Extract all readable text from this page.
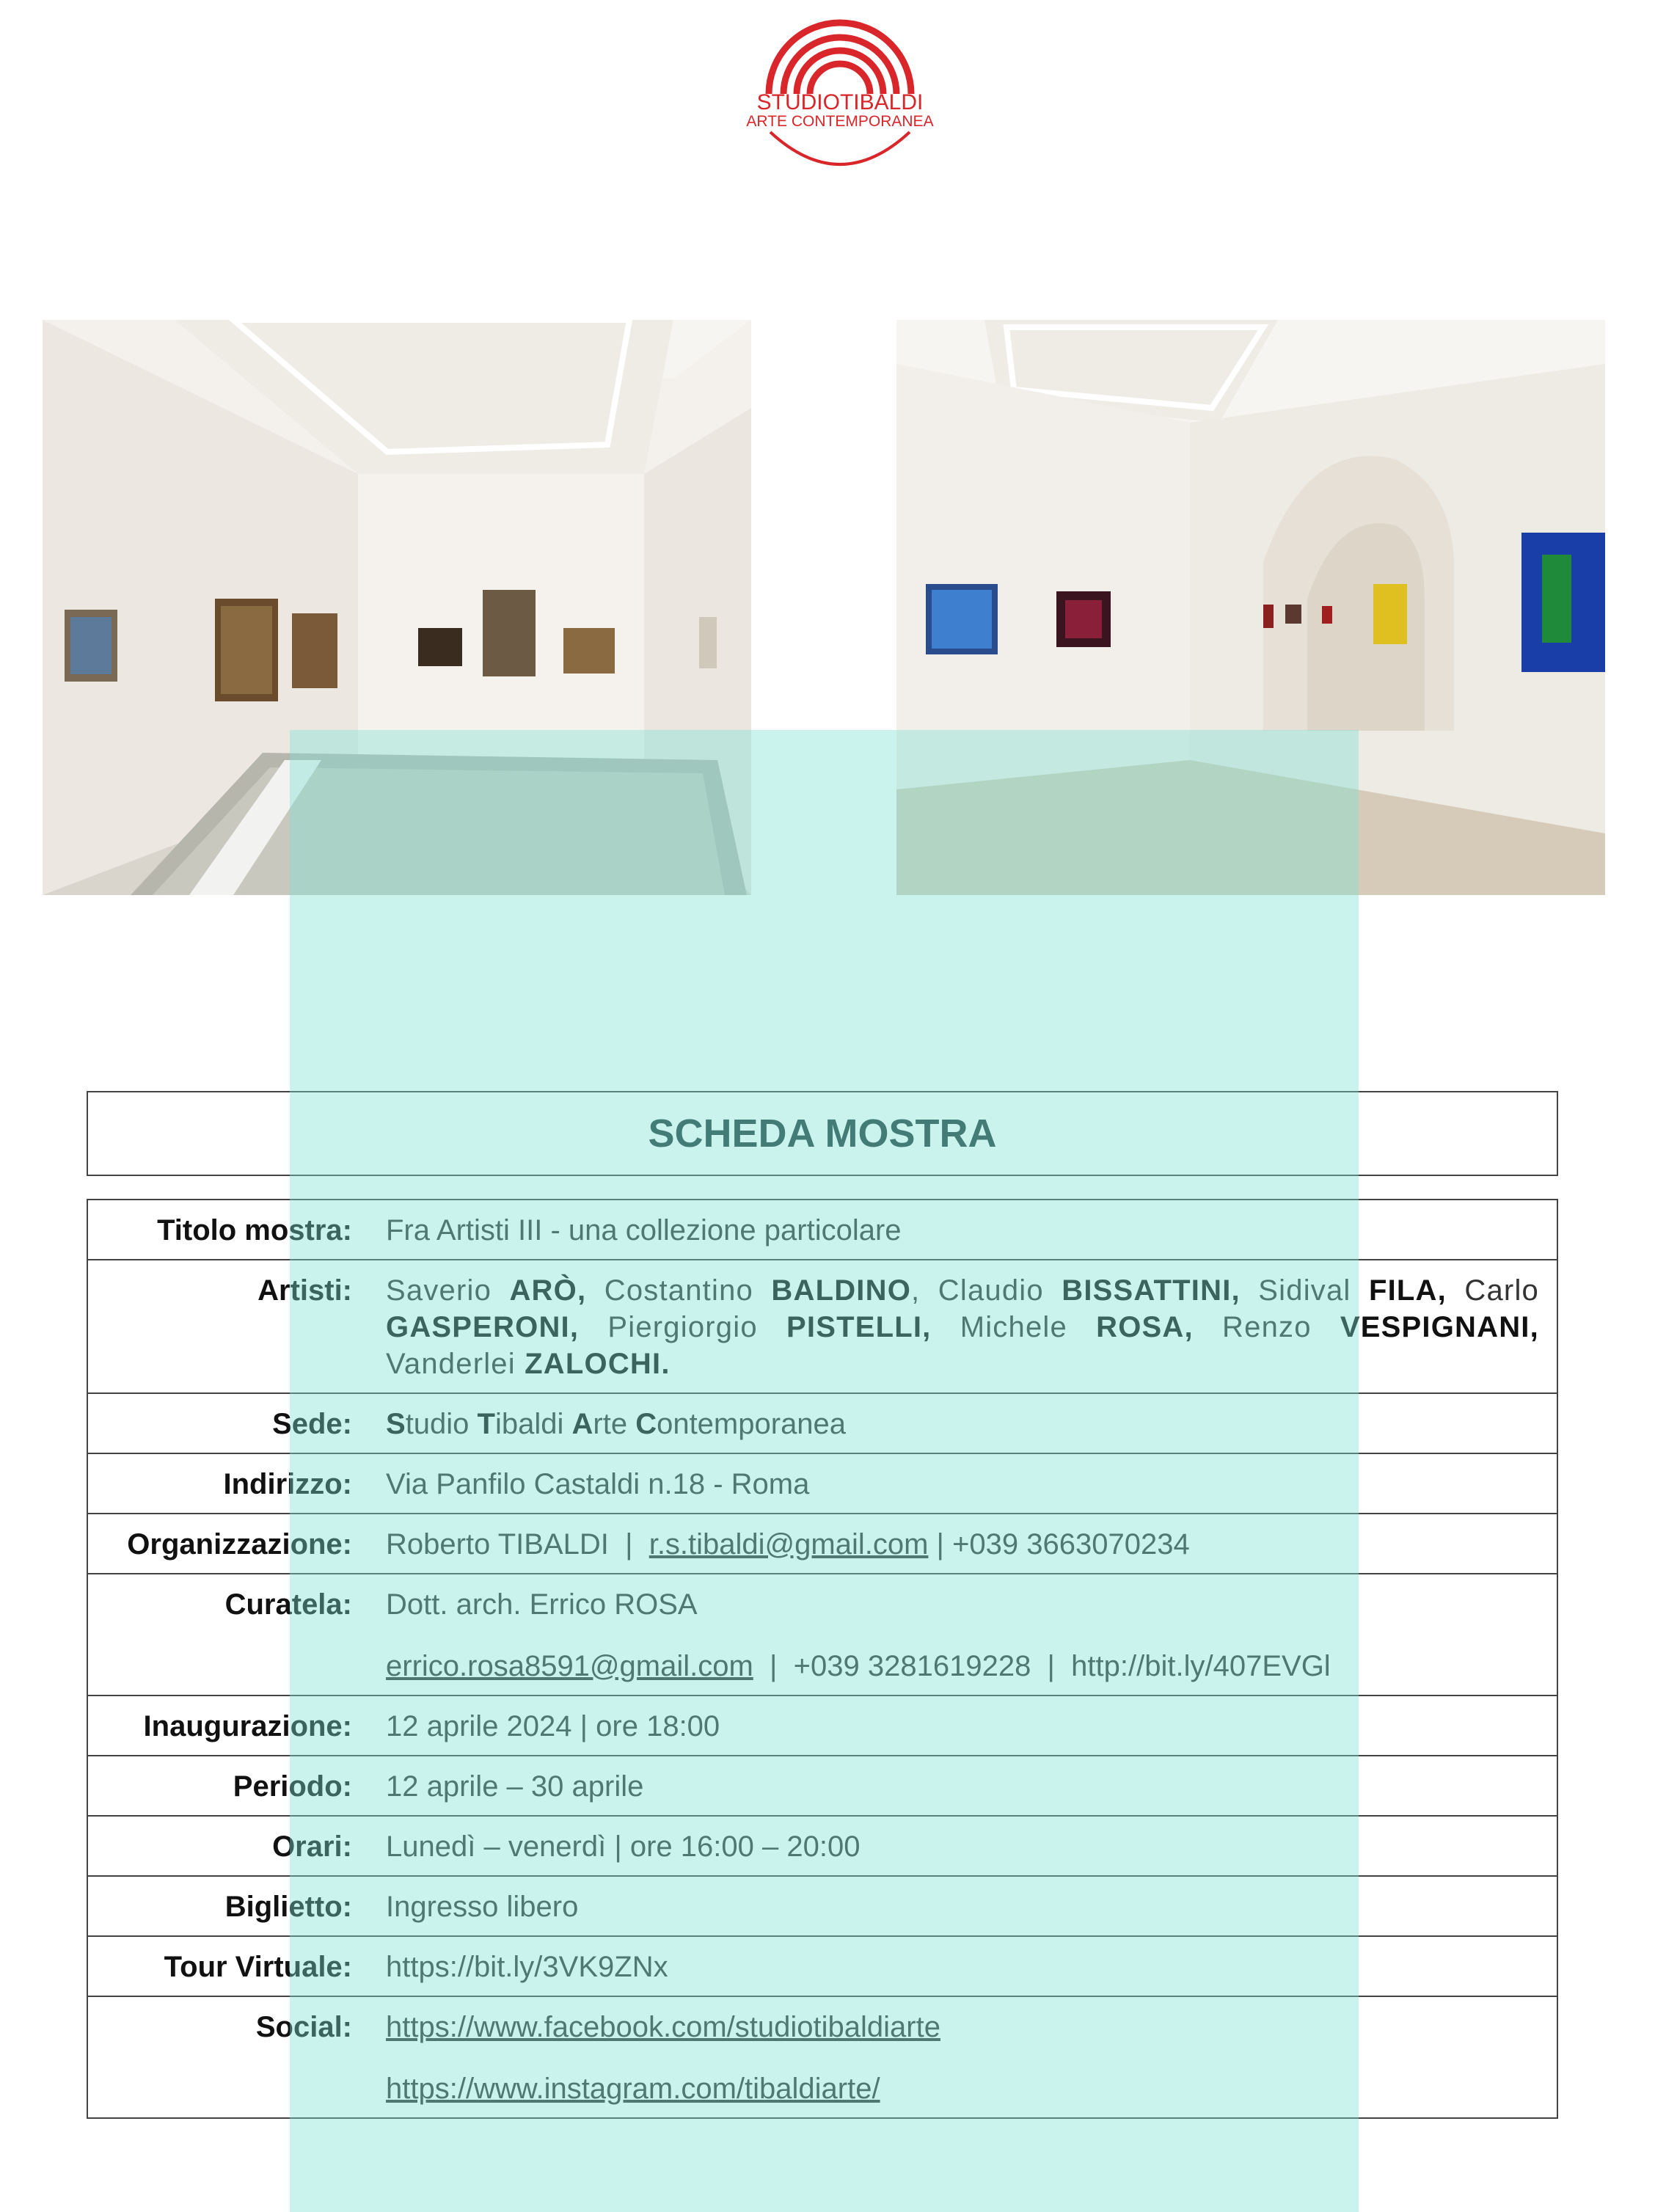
STUDIOTIBALDI
ARTE CONTEMPORANEA
SCHEDA MOSTRA
Titolo mostra:	Fra Artisti III - una collezione particolare
Artisti:	Saverio ARÒ, Costantino BALDINO, Claudio BISSATTINI, Sidival FILA, Carlo GASPERONI, Piergiorgio PISTELLI, Michele ROSA, Renzo VESPIGNANI, Vanderlei ZALOCHI.
Sede:	Studio Tibaldi Arte Contemporanea
Indirizzo:	Via Panfilo Castaldi n.18 - Roma
Organizzazione:	Roberto TIBALDI  |  r.s.tibaldi@gmail.com | +039 3663070234
Curatela:	Dott. arch. Errico ROSA
errico.rosa8591@gmail.com  |  +039 3281619228  |  http://bit.ly/407EVGl

Inaugurazione:	12 aprile 2024 | ore 18:00
Periodo:	12 aprile – 30 aprile
Orari:	Lunedì – venerdì | ore 16:00 – 20:00
Biglietto:	Ingresso libero
Tour Virtuale:	https://bit.ly/3VK9ZNx
Social:	https://www.facebook.com/studiotibaldiarte
https://www.instagram.com/tibaldiarte/
